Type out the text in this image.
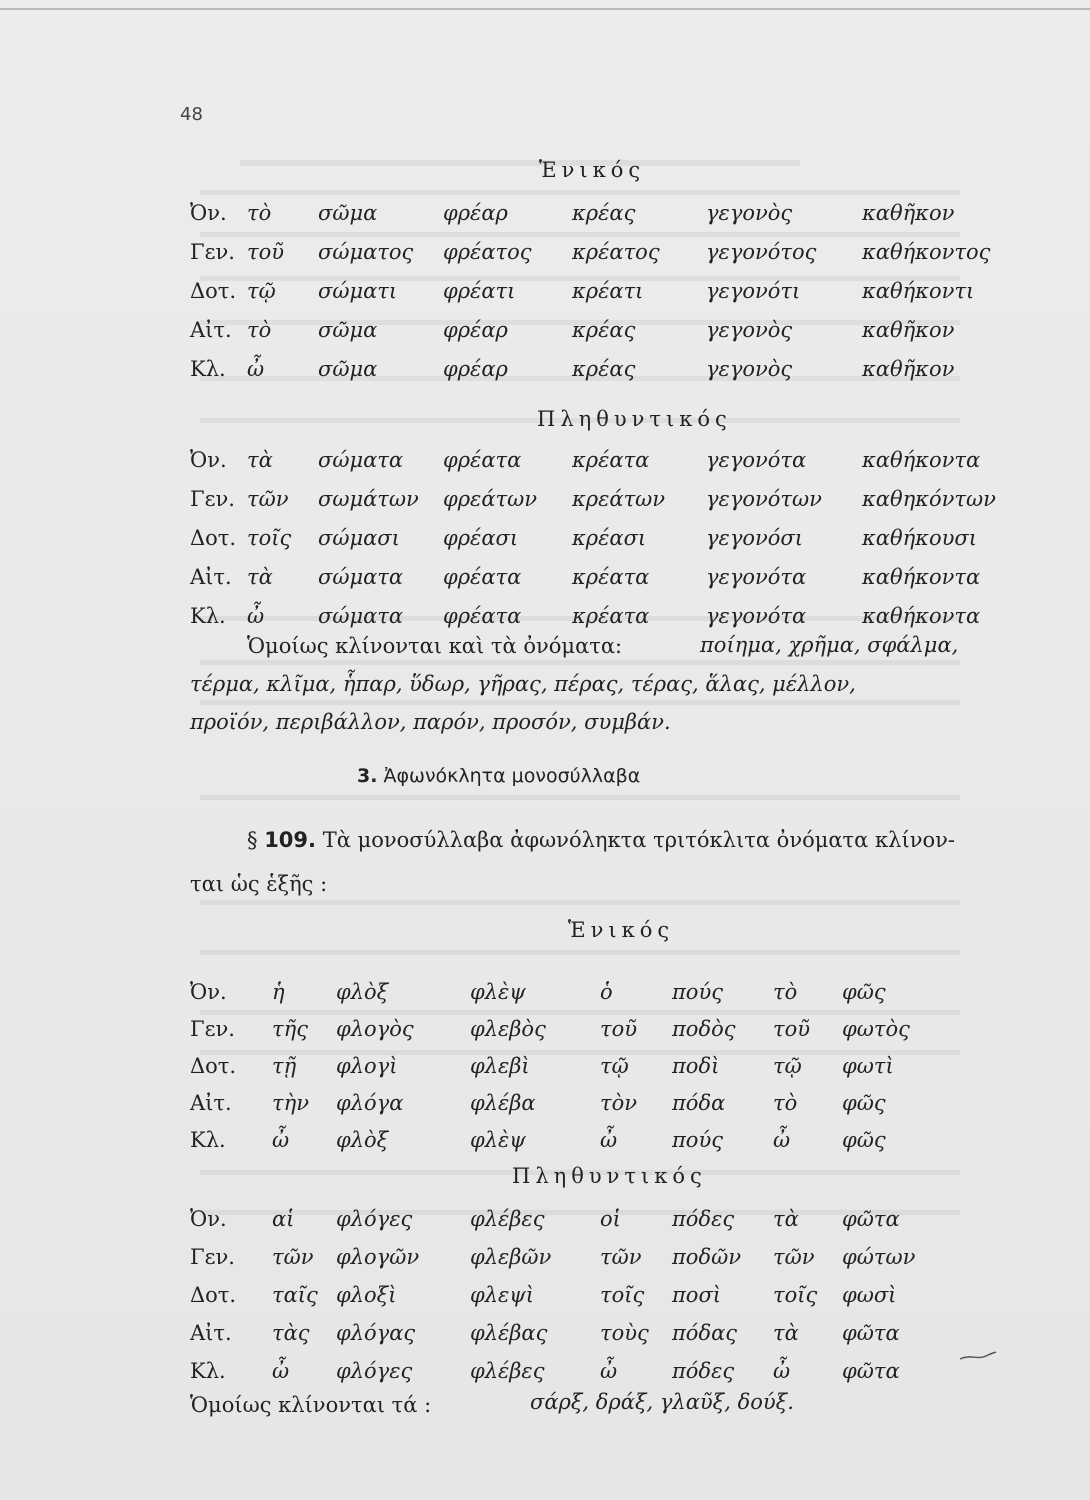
48
Ἑνικός
Ὀν. τὸ σῶμα	φρέαρ	κρέας	γεγονὸς	καθῆκον
Γεν. τοῦ σώματος φρέατος κρέατος γεγονότος καθήκοντος
Δοτ. τῷ σώματι φρέατι	κρέατι	γεγονότι	καθήκοντι
Αἰτ. τὸ σῶμα	φρέαρ	κρέας	γεγονὸς	καθῆκον
Κλ. ὦ	σῶμα	φρέαρ	κρέας	γεγονὸς	καθῆκον
Πληθυντικός
Ὀν. τὰ σώματα φρέατα κρέατα	γεγονότα	καθήκοντα
Γεν. τῶν σωμάτων φρεάτων κρεάτων γεγονότων καθηκόντων
Δοτ. τοῖς σώμασι φρέασι	κρέασι	γεγονόσι	καθήκουσι
Αἰτ. τὰ σώματα φρέατα κρέατα	γεγονότα	καθήκοντα
Κλ. ὦ	σώματα φρέατα κρέατα	γεγονότα	καθήκοντα
Ὁμοίως κλίνονται καὶ τὰ ὀνόματα:	ποίημα, χρῆμα, σφάλμα,
τέρμα, κλῖμα, ἧπαρ, ὕδωρ, γῆρας, πέρας, τέρας, ἅλας, μέλλον,
προϊόν, περιβάλλον, παρόν, προσόν, συμβάν.
3. Ἀφωνόκλητα μονοσύλλαβα
§ 109. Τὰ μονοσύλλαβα ἀφωνόληκτα τριτόκλιτα ὀνόματα κλίνον-
ται ὡς ἑξῆς :
Ἑνικός
Ὀν. ἡ φλὸξ	φλὲψ	ὁ	πούς τὸ φῶς
Γεν. τῆς φλογὸς	φλεβὸς	τοῦ ποδὸς τοῦ φωτὸς
Δοτ. τῇ φλογὶ	φλεβὶ	τῷ ποδὶ	τῷ φωτὶ
Αἰτ. τὴν φλόγα	φλέβα	τὸν πόδα τὸ φῶς
Κλ. ὦ φλὸξ	φλὲψ	ὦ	πούς ὦ φῶς
Πληθυντικός
Ὀν. αἱ φλόγες	φλέβες	οἱ πόδες τὰ φῶτα
Γεν. τῶν φλογῶν φλεβῶν τῶν ποδῶν τῶν φώτων
Δοτ. ταῖς φλοξὶ	φλεψὶ	τοῖς ποσὶ τοῖς φωσὶ
Αἰτ. τὰς φλόγας	φλέβας	τοὺς πόδας τὰ φῶτα
Κλ. ὦ φλόγες	φλέβες	ὦ	πόδες ὦ φῶτα
Ὁμοίως κλίνονται τά :	σάρξ, δράξ, γλαῦξ, δούξ.
